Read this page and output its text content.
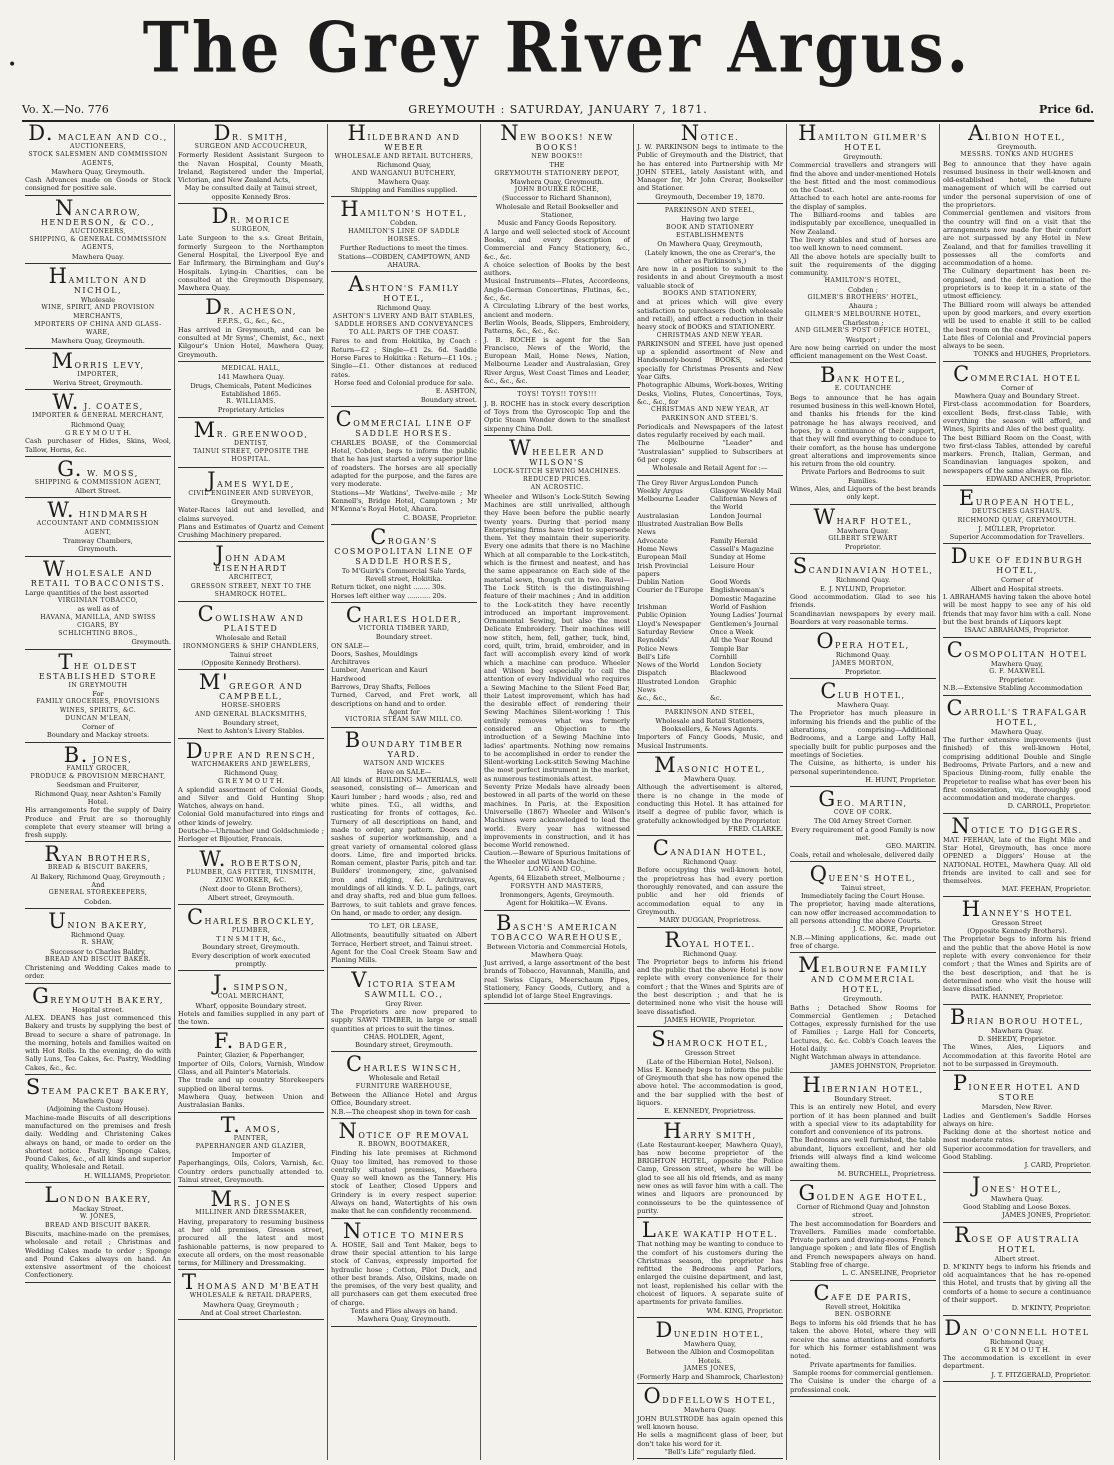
•	The Grey River Argus.
Vo. X.—No. 776	GREYMOUTH : SATURDAY, JANUARY 7, 1871.	Price 6d.

D. MACLEAN AND CO.,

AUCTIONEERS,

STOCK SALESMEN AND COMMISSION AGENTS,

Mawhera Quay, Greymouth.

Cash Advances made on Goods or Stock consigned for positive sale.

NANCARROW, HENDERSON, & CO.,

AUCTIONEERS,

SHIPPING, & GENERAL COMMISSION AGENTS,

Mawhera Quay.

HAMILTON AND NICHOL,

Wholesale

WINE, SPIRIT, AND PROVISION MERCHANTS,

MPORTERS OF CHINA AND GLASS-WARE,

Mawhera Quay, Greymouth.

MORRIS LEVY,

IMPORTER,

Weriva Street, Greymouth.

W. J. COATES,

IMPORTER & GENERAL MERCHANT,

Richmond Quay,

G R E Y M O U T H.

Cash purchaser of Hides, Skins, Wool, Tallow, Horns, &c.

G. W. MOSS,

SHIPPING & COMMISSION AGENT,

Albert Street.

W. HINDMARSH

ACCOUNTANT AND COMMISSION AGENT,

Tramway Chambers,

Greymouth.

WHOLESALE AND RETAIL TOBACCONISTS.

Large quantities of the best assorted

VIRGINIAN TOBACCO,

as well as of

HAVANA, MANILLA, AND SWISS CIGARS, BY

SCHLICHTING BROS.,

Greymouth.

THE OLDEST ESTABLISHED STORE

IN GREYMOUTH

For

FAMILY GROCERIES, PROVISIONS WINES, SPIRITS, &C.

DUNCAN M'LEAN,

Corner of

Boundary and Mackay streets.

B. JONES,

FAMILY GROCER,

PRODUCE & PROVISION MERCHANT,

Seedsman and Fruiterer,

Richmond Quay, near Ashton's Family Hotel.

His arrangements for the supply of Dairy Produce and Fruit are so thoroughly complete that every steamer will bring a fresh supply.

RYAN BROTHERS,

BREAD & BISCUIT BAKERS,

Al Bakery, Richmond Quay, Greymouth ;

And

GENERAL STOREKEEPERS,

Cobden.

UNION BAKERY,

Richmond Quay.

R. SHAW,

Successor to Charles Baldry,

BREAD AND BISCUIT BAKER.

Christening and Wedding Cakes made to order.

GREYMOUTH BAKERY,

Hospital street.

ALEX. DEANS has just commenced this Bakery and trusts by supplying the best of Bread to secure a share of patronage. In the morning, hotels and families waited on with Hot Rolls. In the evening, do do with Sally Luns, Tea Cakes, &c. Pastry, Wedding Cakes, &c., &c.

STEAM PACKET BAKERY,

Mawhera Quay

(Adjoining the Custom House).

Machine-made Biscuits of all descriptions manufactured on the premises and fresh daily. Wedding and Christening Cakes always on hand, or made to order on the shortest notice. Pastry, Sponge Cakes, Pound Cakes, &c., of all kinds and superior quality, Wholesale and Retail.

H. WILLIAMS, Proprietor.

LONDON BAKERY,

Mackay Street.

W. JONES,

BREAD AND BISCUIT BAKER.

Biscuits, machine-made on the premises, wholesale and retail ; Christmas and Wedding Cakes made to order ; Sponge and Pound Cakes always on hand. An extensive assortment of the choicest Confectionery.

DR. SMITH,

SURGEON AND ACCOUCHEUR,

Formerly Resident Assistant Surgeon to the Navan Hospital, County Meath, Ireland, Registered under the Imperial, Victorian, and New Zealand Acts,

May be consulted daily at Tainui street, opposite Kennedy Bros.

DR. MORICE

SURGEON,

Late Surgeon to the s.s. Great Britain, formerly Surgeon to the Northampton General Hospital, the Liverpool Eye and Ear Infirmary, the Birmingham and Guy's Hospitals. Lying-in Charities, can be consulted at the Greymouth Dispensary, Mawhera Quay.

DR. ACHESON,

F.F.P.S., G., &c., &c.,

Has arrived in Greymouth, and can be consulted at Mr Syms', Chemist, &c., next Kilgour's Union Hotel, Mawhera Quay, Greymouth.

MEDICAL HALL,

141 Mawhera Quay.

Drugs, Chemicals, Patent Medicines

Established 1865.

R. WILLIAMS.

Proprietary Articles

MR. GREENWOOD,

DENTIST,

TAINUI STREET, OPPOSITE THE HOSPITAL.

JAMES WYLDE,

CIVIL ENGINEER AND SURVEYOR,

Greymouth.

Water-Races laid out and levelled, and claims surveyed.

Plans and Estimates of Quartz and Cement Crushing Machinery prepared.

JOHN ADAM EISENHARDT

ARCHITECT,

GRESSON STREET, NEXT TO THE SHAMROCK HOTEL.

COWLISHAW AND PLAISTED

Wholesale and Retail

IRONMONGERS & SHIP CHANDLERS,

Tainui street

(Opposite Kennedy Brothers).

M'GREGOR AND CAMPBELL,

HORSE-SHOERS

AND GENERAL BLACKSMITHS,

Boundary street,

Next to Ashton's Livery Stables.

DUPRE AND RENSCH,

WATCHMAKERS AND JEWELERS,

Richmond Quay,

G R E Y M O U T H.

A splendid assortment of Colonial Goods, and Silver and Gold Hunting Shop Watches, always on hand.

Colonial Gold manufactured into rings and other kinds of jewelry.

Deutsche—Uhrmacher und Goldschmiede ; Horloger et Bijoutier, Francais.

W. ROBERTSON,

PLUMBER, GAS FITTER, TINSMITH, ZINC WORKER, &C.

(Next door to Glenn Brothers),

Albert street, Greymouth.

CHARLES BROCKLEY,

PLUMBER,

T I N S M I T H, &c.,

Boundary street, Greymouth.

Every description of work executed promptly.

J. SIMPSON,

COAL MERCHANT,

Wharf, opposite Boundary street.

Hotels and families supplied in any part of the town.

F. BADGER,

Painter, Glazier, & Paperhanger,

Importer of Oils, Colors, Varnish, Window Glass, and all Painter's Materials.

The trade and up country Storekeepers supplied on liberal terms.

Mawhera Quay, between Union and Australasian Banks.

T. AMOS,

PAINTER,

PAPERHANGER AND GLAZIER,

Importer of

Paperhangings, Oils, Colors, Varnish, &c. Country orders punctually attended to. Tainui street, Greymouth.

MRS. JONES

MILLINER AND DRESSMAKER,

Having, preparatory to resuming business at her old premises, Gresson street, procured all the latest and most fashionable patterns, is now prepared to execute all orders, on the most reasonable terms, for Millinery and Dressmaking.

THOMAS AND M'BEATH

WHOLESALE & RETAIL DRAPERS,

Mawhera Quay, Greymouth ;

And at Coal street Charleston.

HILDEBRAND AND WEBER

WHOLESALE AND RETAIL BUTCHERS,

Richmond Quay,

AND WANGANUI BUTCHERY,

Mawhera Quay.

Shipping and Families supplied.

HAMILTON'S HOTEL,

Cobden.

HAMILTON'S LINE OF SADDLE HORSES.

Further Reductions to meet the times.

Stations—COBDEN, CAMPTOWN, AND AHAURA.

ASHTON'S FAMILY HOTEL,

Richmond Quay.

ASHTON'S LIVERY AND BAIT STABLES,

SADDLE HORSES AND CONVEYANCES TO ALL PARTS OF THE COAST.

Fares to and from Hokitika, by Coach : Return—£2 ; Single—£1 2s. 6d. Saddle Horse Fares to Hokitika : Return—£1 10s. ; Single—£1. Other distances at reduced rates.

Horse feed and Colonial produce for sale.

E. ASHTON,

Boundary street.

COMMERCIAL LINE OF SADDLE HORSES.

CHARLES BOASE, of the Commercial Hotel, Cobden, begs to inform the public that he has just started a very superior line of roadsters. The horses are all specially adapted for the purpose, and the fares are very moderate.

Stations—Mr Watkins', Twelve-mile ; Mr Kennell's, Bridge Hotel, Camptown ; Mr M'Kenna's Royal Hotel, Ahaura.

C. BOASE, Proprietor.

CROGAN'S COSMOPOLITAN LINE OF SADDLE HORSES,

To M'Guirk's Commercial Sale Yards, Revell street, Hokitika.

Return ticket, one night ........ 30s.

Horses left either way ........... 20s.

CHARLES HOLDER,

VICTORIA TIMBER YARD,

Boundary street.

ON SALE—

Doors, Sashes, Mouldings

Architraves

Lumber, American and Kauri

Hardwood

Barrows, Dray Shafts, Felloes

Turned, Carved, and Fret work, all descriptions on hand and to order.

Agent for

VICTORIA STEAM SAW MILL CO.

BOUNDARY TIMBER YARD.

WATSON AND WICKES

Have on SALE—

All kinds of BUILDING MATERIALS, well seasoned, consisting of— American and Kauri lumber ; hard woods ; also, red and white pines. T.G., all widths, and rusticating for fronts of cottages, &c. Turnery of all descriptions on hand, and made to order, any pattern. Doors and sashes of superior workmanship, and a great variety of ornamental colored glass doors. Lime, fire and imported bricks. Roman cement, plaster Paris, pitch and tar. Builders' ironmongery, zinc, galvanised iron and ridging, &c. Architraves, mouldings of all kinds. V. D. L. palings, cart and dray shafts, red and blue gum felloes. Barrows, to suit tablets and grave fences. On hand, or made to order, any design.

TO LET, OR LEASE,

Allotments, beautifully situated on Albert Terrace, Herbert street, and Tainui street.

Agent for the Coal Creek Steam Saw and Planing Mills.

VICTORIA STEAM SAWMILL CO.,

Grey River.

The Proprietors are now prepared to supply SAWN TIMBER, in large or small quantities at prices to suit the times.

CHAS. HOLDER, Agent,

Boundary street, Greymouth.

CHARLES WINSCH,

Wholesale and Retail

FURNITURE WAREHOUSE,

Between the Alliance Hotel and Argus Office, Boundary street.

N.B.—The cheapest shop in town for cash

NOTICE OF REMOVAL

R. BROWN, BOOTMAKER,

Finding his late premises at Richmond Quay too limited, has removed to those centrally situated premises, Mawhera Quay so well known as the Tannery. His stock of Leather, Closed Uppers and Grindery is in every respect superior. Always on hand, Watertights of his own make that he can confidently recommend.

NOTICE TO MINERS

A. HOSIE, Sail and Tent Maker, begs to draw their special attention to his large stock of Canvas, expressly imported for hydraulic hose ; Cotton, Pilot Duck, and other best brands. Also, Oilskins, made on the premises, of the very best quality, and all purchasers can get them executed free of charge.

Tents and Flies always on hand.

Mawhera Quay, Greymouth.

NEW BOOKS! NEW BOOKS!

NEW BOOKS!!

THE

GREYMOUTH STATIONERY DEPOT,

Mawhera Quay, Greymouth.

JOHN BOURKE ROCHE,

(Successor to Richard Shannon),

Wholesale and Retail Bookseller and Stationer,

Music and Fancy Goods Repository.

A large and well selected stock of Account Books, and every description of Commercial and Fancy Stationery, &c., &c., &c.

A choice selection of Books by the best authors.

Musical Instruments—Flutes, Accordeons, Anglo-German Concertinas, Flutinas, &c., &c., &c.

A Circulating Library of the best works, ancient and modern.

Berlin Wools, Beads, Slippers, Embroidery, Patterns, &c., &c., &c.

J. B. ROCHE is agent for the San Francisco, News of the World, the European Mail, Home News, Nation, Melbourne Leader and Australasian, Grey River Argus, West Coast Times and Leader, &c., &c., &c.

TOYS! TOYS!! TOYS!!!

J. B. ROCHE has in stock every description of Toys from the Gyroscopic Top and the Optic Steam Wonder down to the smallest sixpenny China Doll.

WHEELER AND WILSON'S

LOCK-STITCH SEWING MACHINES.

REDUCED PRICES.

AN ACROSTIC.

Wheeler and Wilson's Lock-Stitch Sewing Machines are still unrivalled, although they Have been before the public nearly twenty years. During that period many Enterprising firms have tried to supersede them. Yet they maintain their superiority. Every one admits that there is no Machine Which at all comparable to the Lock-stitch, which is the firmest and neatest, and has the same appearance on Each side of the material sewn, though cut in two. Ravel—The Lock Stitch is the distinguishing feature of their machines ; And in addition to the Lock-stitch they have recently introduced an important improvement. Ornamental Sewing, but also the most Delicate Embroidery. Their machines will now stitch, hem, fell, gather, tuck, bind, cord, quilt, trim, braid, embroider, and in fact will accomplish every kind of work which a machine can produce. Wheeler and Wilson beg especially to call the attention of every Individual who requires a Sewing Machine to the Silent Feed Bar, their Latest improvement, which has had the desirable effect of rendering their Sewing Machines Silent-working ! This entirely removes what was formerly considered an Objection to the introduction of a Sewing Machine into ladies' apartments. Nothing now remains to be accomplished in order to render the Silent-working Lock-stitch Sewing Machine the most perfect instrument in the market, as numerous testimonials attest.

Seventy Prize Medals have already been bestowed in all parts of the world on these machines. In Paris, at the Exposition Universelle (1867) Wheeler and Wilson's Machines were acknowledged to lead the world. Every year has witnessed improvements in construction, and it has become World renowned.

Caution.—Beware of Spurious Imitations of the Wheeler and Wilson Machine.

LONG AND CO.,

Agents, 64 Elizabeth street, Melbourne ;

FORSYTH AND MASTERS,

Ironmongers, Agents, Greymouth.

Agent for Hokitika—W. Evans.

BASCH'S AMERICAN TOBACCO WAREHOUSE,

Between Victoria and Commercial Hotels, Mawhera Quay.

Just arrived, a large assortment of the best brands of Tobacco, Havannah, Manilla, and real Swiss Cigars, Meerschaum Pipes, Stationery, Fancy Goods, Cutlery, and a splendid lot of large Steel Engravings.

NOTICE.

J. W. PARKINSON begs to intimate to the Public of Greymouth and the District, that he has entered into Partnership with Mr JOHN STEEL, lately Assistant with, and Manager for, Mr John Crerar, Bookseller and Stationer.

Greymouth, December 19, 1870.

PARKINSON AND STEEL,

Having two large

BOOK AND STATIONERY ESTABLISHMENTS

On Mawhera Quay, Greymouth,

(Lately known, the one as Crerar's, the other as Parkinson's,)

Are now in a position to submit to the residents in and about Greymouth a most valuable stock of

BOOKS AND STATIONERY,

and at prices which will give every satisfaction to purchasers (both wholesale and retail), and effect a reduction in their heavy stock of BOOKS and STATIONERY.

CHRISTMAS AND NEW YEAR.

PARKINSON and STEEL have just opened up a splendid assortment of New and Handsomely-bound BOOKS, selected specially for Christmas Presents and New Year Gifts.

Photographic Albums, Work-boxes, Writing Desks, Violins, Flutes, Concertinas, Toys, &c., &c., for

CHRISTMAS AND NEW YEAR, AT PARKINSON AND STEEL'S.

Periodicals and Newspapers of the latest dates regularly received by each mail.

The Melbourne “Leader” and “Australasian” supplied to Subscribers at 6d per copy.

Wholesale and Retail Agent for :—

The Grey River Argus London Punch
Weekly Argus	Glasgow Weekly Mail
Melbourne Leader	Californian News of the World
Australasian	London Journal
Illustrated Australian News
Bow Bells
Advocate	Family Herald
Home News	Cassell's Magazine
European Mail	Sunday at Home
Irish Provincial papers
Leisure Hour
Dublin Nation	Good Words
Courier de l'Europe	Englishwoman's Domestic Magazine
Irishman	World of Fashion
Public Opinion	Young Ladies' Journal
Lloyd's Newspaper	Gentlemen's Journal
Saturday Review	Once a Week
Reynolds'	All the Year Round
Police News	Temple Bar
Bell's Life	Cornhill
News of the World	London Society
Dispatch	Blackwood
Illustrated London News
Graphic
&c., &c.,	&c.

PARKINSON AND STEEL,

Wholesale and Retail Stationers, Booksellers, & News Agents.

Importers of Fancy Goods, Music, and Musical Instruments.

MASONIC HOTEL,

Mawhera Quay.

Although the advertisement is altered, there is no change in the mode of conducting this Hotel. It has attained for itself a degree of public favor, which is gratefully acknowledged by the Proprietor.

FRED. CLARKE.

CANADIAN HOTEL,

Richmond Quay.

Before occupying this well-known hotel, the proprietress has had every portion thoroughly renovated, and can assure the public and her old friends of accommodation equal to any in Greymouth.

MARY DUGGAN, Proprietress.

ROYAL HOTEL.

Richmond Quay.

The Proprietor begs to inform his friend and the public that the above Hotel is now replete with every convenience for their comfort ; that the Wines and Spirits are of the best description ; and that he is determined none who visit the house will leave dissatisfied.

JAMES HOWIE, Proprietor.

SHAMROCK HOTEL,

Gresson Street

(Late of the Hibernian Hotel, Nelson).

Miss E. Kennedy begs to inform the public of Greymouth that she has now opened the above hotel. The accommodation is good, and the bar supplied with the best of liquors.

E. KENNEDY, Proprietress.

HARRY SMITH,

(Late Restaurant-keeper, Mawhera Quay), has now become proprietor of the BRIGHTON HOTEL, opposite the Police Camp, Gresson street, where he will be glad to see all his old friends, and as many new ones as will favor him with a call. The wines and liquors are pronounced by connoisseurs to be the quintessence of purity.

LAKE WAKATIP HOTEL.

That nothing may be wanting to conduce to the comfort of his customers during the Christmas season, the proprietor has refitted the Bedrooms and Parlors, enlarged the cuisine department, and last, not least, replenished his cellar with the choicest of liquors. A separate suite of apartments for private families.

WM. KING, Proprietor.

DUNEDIN HOTEL,

Mawhera Quay,

Between the Albion and Cosmopolitan Hotels.

JAMES JONES,

(Formerly Harp and Shamrock, Charleston)

ODDFELLOWS HOTEL,

Mawhera Quay.

JOHN BULSTRODE has again opened this well known house.

He sells a magnificent glass of beer, but don't take his word for it.

“Bell's Life” regularly filed.

HAMILTON GILMER'S HOTEL

Greymouth.

Commercial travellers and strangers will find the above and under-mentioned Hotels the best fitted and the most commodious on the Coast.

Attached to each hotel are ante-rooms for the display of samples.

The Billiard-rooms and tables are indisputably par excellence, unequalled in New Zealand.

The livery stables and stud of horses are too well known to need comment.

All the above hotels are specially built to suit the requirements of the digging community.

HAMILTON'S HOTEL,

Cobden ;

GILMER'S BROTHERS' HOTEL,

Ahaura ;

GILMER'S MELBOURNE HOTEL,

Charleston ;

AND GILMER'S POST OFFICE HOTEL,

Westport ;

Are now being carried on under the most efficient management on the West Coast.

BANK HOTEL,

E. COUTANCHE

Begs to announce that he has again resumed business in this well-known Hotel, and thanks his friends for the kind patronage he has always received, and hopes, by a continuance of their support, that they will find everything to conduce to their comfort, as the house has undergone great alterations and improvements since his return from the old country.

Private Parlors and Bedrooms to suit Families.

Wines, Ales, and Liquors of the best brands only kept.

WHARF HOTEL,

Mawhera Quay.

GILBERT STEWART

Proprietor.

SCANDINAVIAN HOTEL,

Richmond Quay.

E. J. NYLUND, Proprietor.

Good accommodation. Glad to see his friends.

Scandinavian newspapers by every mail. Boarders at very reasonable terms.

OPERA HOTEL,

Richmond Quay.

JAMES MORTON,

Proprietor.

CLUB HOTEL,

Mawhera Quay.

The Proprietor has much pleasure in informing his friends and the public of the alterations, comprising—Additional Bedrooms, and a Large and Lofty Hall, specially built for public purposes and the meetings of Societies.

The Cuisine, as hitherto, is under his personal superintendence.

H. HUNT, Proprietor.

GEO. MARTIN,

COVE OF CORK.

The Old Arney Street Corner.

Every requirement of a good Family is now met.

GEO. MARTIN.

Coals, retail and wholesale, delivered daily

QUEEN'S HOTEL,

Tainui street,

Immediately facing the Court House.

The proprietor, having made alterations, can now offer increased accommodation to all persons attending the above Courts.

J. C. MOORE, Proprietor.

N.B.—Mining applications, &c. made out free of charge.

MELBOURNE FAMILY AND COMMERCIAL HOTEL,

Greymouth.

Baths ; Detached Show Rooms for Commercial Gentlemen ; Detached Cottages, expressly furnished for the use of Families ; Large Hall for Concerts, Lectures, &c. &c. Cobb's Coach leaves the Hotel daily.

Night Watchman always in attendance.

JAMES JOHNSTON, Proprietor.

HIBERNIAN HOTEL,

Boundary Street.

This is an entirely new Hotel, and every portion of it has been planned and built with a special view to its adaptability for comfort and convenience of its patrons.

The Bedrooms are well furnished, the table abundant, liquors excellent, and her old friends will always find a kind welcome awaiting them.

M. BURCHELL, Proprietress.

GOLDEN AGE HOTEL,

Corner of Richmond Quay and Johnston street.

The best accommodation for Boarders and Travellers. Families made comfortable. Private parlors and drawing-rooms. French language spoken ; and late files of English and French newspapers always on hand. Stabling free of charge.

L. C. ANSELINE, Proprietor

CAFE DE PARIS,

Revell street, Hokitika

BEN. OSBORNE

Begs to inform his old friends that he has taken the above Hotel, where they will receive the same attentions and comforts for which his former establishment was noted.

Private apartments for families.

Sample rooms for commercial gentlemen.

The Cuisine is under the charge of a professional cook.

ALBION HOTEL,

Greymouth.

MESSRS. TONKS AND HUGHES

Beg to announce that they have again resumed business in their well-known and old-established hotel, the future management of which will be carried out under the personal supervision of one of the proprietors.

Commercial gentlemen and visitors from the country will find on a visit that the arrangements now made for their comfort are not surpassed by any Hotel in New Zealand, and that for families travelling it possesses all the comforts and accommodation of a home.

The Culinary department has been re-organised, and the determination of the proprietors is to keep it in a state of the utmost efficiency.

The Billiard room will always be attended upon by good markers, and every exertion will be used to enable it still to be called the best room on the coast.

Late files of Colonial and Provincial papers always to be seen.

TONKS and HUGHES, Proprietors.

COMMERCIAL HOTEL

Corner of

Mawhera Quay and Boundary Street.

First-class accommodation for Boarders, excellent Beds, first-class Table, with everything the season will afford, and Wines, Spirits and Ales of the best quality.

The best Billiard Room on the Coast, with two first-class Tables, attended by careful markers. French, Italian, German, and Scandinavian languages spoken, and newspapers of the same always on file.

EDWARD ANCHER, Proprietor.

EUROPEAN HOTEL,

DEUTSCHES GASTHAUS.

RICHMOND QUAY, GREYMOUTH.

J. MÜLLER, Proprietor.

Superior Accommodation for Travellers.

DUKE OF EDINBURGH HOTEL,

Corner of

Albert and Hospital streets.

I. ABRAHAMS having taken the above hotel will be most happy to see any of his old friends that may favor him with a call. None but the best brands of Liquors kept

ISAAC ABRAHAMS, Proprietor.

COSMOPOLITAN HOTEL

Mawhera Quay,

G. F. MAXWELL

Proprietor.

N.B.—Extensive Stabling Accommodation

CARROLL'S TRAFALGAR HOTEL,

Mawhera Quay.

The further extensive improvements (just finished) of this well-known Hotel, comprising additional Double and Single Bedrooms, Private Parlors, and a new and Spacious Dining-room, fully enable the Proprietor to realise what has ever been his first consideration, viz., thoroughly good accommodation and moderate charges.

D. CARROLL, Proprietor.

NOTICE TO DIGGERS.

MAT. FEEHAN, late of the Eight Mile and Star Hotel, Greymouth, has once more OPENED a Diggers' House at the NATIONAL HOTEL, Mawhera Quay. All old friends are invited to call and see for themselves.

MAT. FEEHAN, Proprietor.

HANNEY'S HOTEL

Gresson Street

(Opposite Kennedy Brothers).

The Proprietor begs to inform his friend and the public that the above Hotel is now replete with every convenience for their comfort ; that the Wines and Spirits are of the best description, and that he is determined none who visit the house will leave dissatisfied.

PATK. HANNEY, Proprietor.

BRIAN BOROU HOTEL,

Mawhera Quay.

D. SHEEDY, Proprietor.

The Wines, Ales, Liquors and Accommodation at this favorite Hotel are not to be surpassed in Greymouth.

PIONEER HOTEL AND STORE

Marsden, New River.

Ladies and Gentlemen's Saddle Horses always on hire.

Packing done at the shortest notice and most moderate rates.

Superior accommodation for travellers, and Good Stabling.

J. CARD, Proprietor.

JONES' HOTEL,

Mawhera Quay.

Good Stabling and Loose Boxes.

JAMES JONES, Proprietor.

ROSE OF AUSTRALIA HOTEL

Albert street.

D. M'KINTY begs to inform his friends and old acquaintances that he has re-opened this Hotel, and trusts that by giving all the comforts of a home to secure a continuance of their support.

D. M'KINTY, Proprietor.

DAN O'CONNELL HOTEL

Richmond Quay,

G R E Y M O U T H.

The accommodation is excellent in ever department.

J. T. FITZGERALD, Proprietor.
